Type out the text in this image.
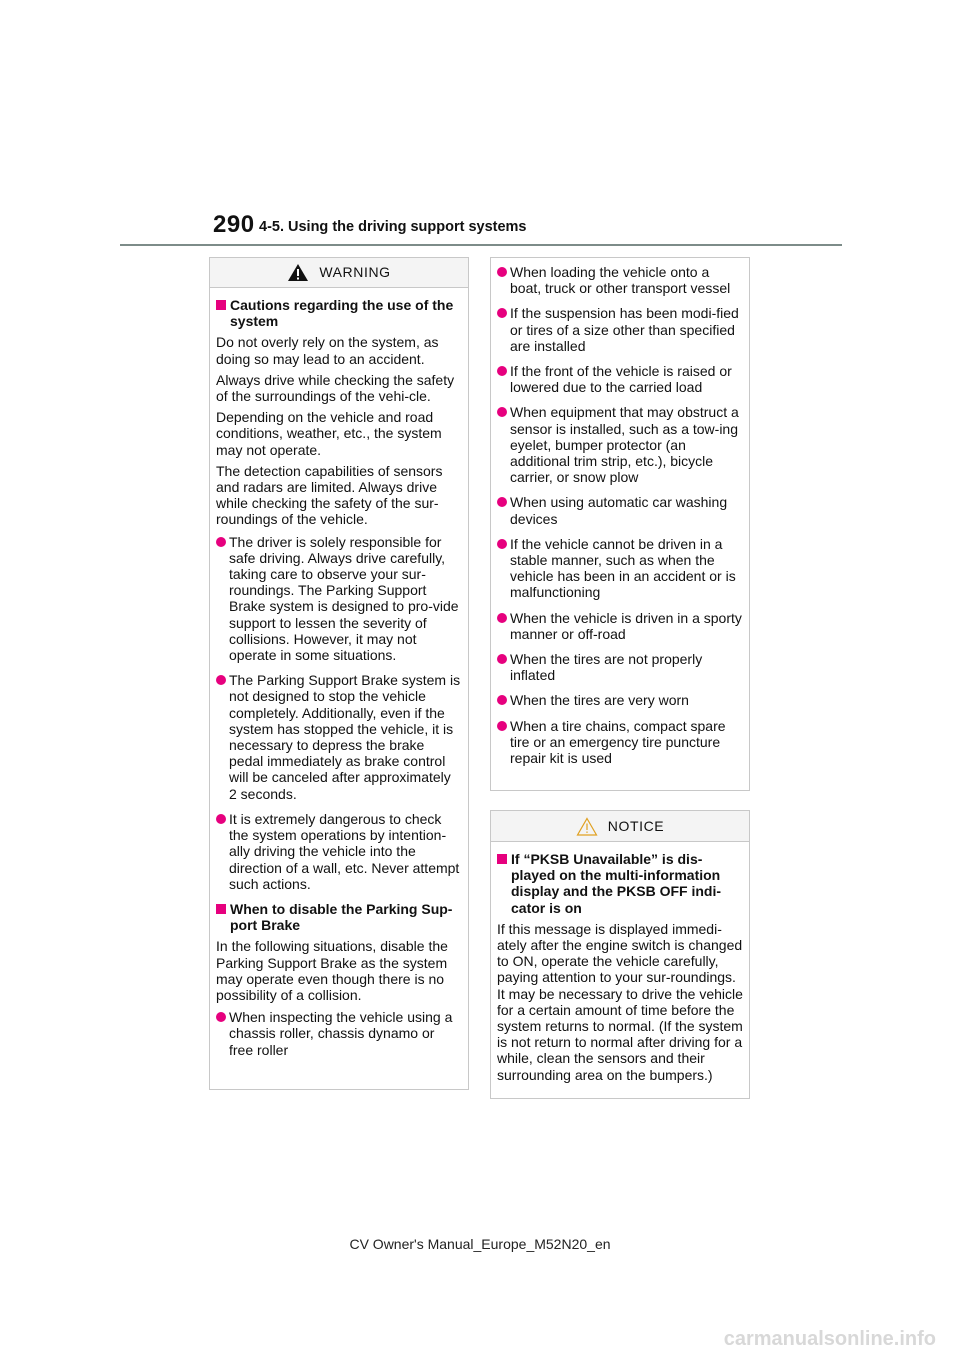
290 4-5. Using the driving support systems
WARNING
Cautions regarding the use of the system

Do not overly rely on the system, as doing so may lead to an accident.

Always drive while checking the safety of the surroundings of the vehi-cle.

Depending on the vehicle and road conditions, weather, etc., the system may not operate.

The detection capabilities of sensors and radars are limited. Always drive while checking the safety of the sur-roundings of the vehicle.

The driver is solely responsible for safe driving. Always drive carefully, taking care to observe your sur-roundings. The Parking Support Brake system is designed to pro-vide support to lessen the severity of collisions. However, it may not operate in some situations.
The Parking Support Brake system is not designed to stop the vehicle completely. Additionally, even if the system has stopped the vehicle, it is necessary to depress the brake pedal immediately as brake control will be canceled after approximately 2 seconds.
It is extremely dangerous to check the system operations by intention-ally driving the vehicle into the direction of a wall, etc. Never attempt such actions.
When to disable the Parking Sup-port Brake

In the following situations, disable the Parking Support Brake as the system may operate even though there is no possibility of a collision.

When inspecting the vehicle using a chassis roller, chassis dynamo or free roller
When loading the vehicle onto a boat, truck or other transport vessel
If the suspension has been modi-fied or tires of a size other than specified are installed
If the front of the vehicle is raised or lowered due to the carried load
When equipment that may obstruct a sensor is installed, such as a tow-ing eyelet, bumper protector (an additional trim strip, etc.), bicycle carrier, or snow plow
When using automatic car washing devices
If the vehicle cannot be driven in a stable manner, such as when the vehicle has been in an accident or is malfunctioning
When the vehicle is driven in a sporty manner or off-road
When the tires are not properly inflated
When the tires are very worn
When a tire chains, compact spare tire or an emergency tire puncture repair kit is used
NOTICE
If “PKSB Unavailable” is dis-played on the multi-information display and the PKSB OFF indi-cator is on

If this message is displayed immedi-ately after the engine switch is changed to ON, operate the vehicle carefully, paying attention to your sur-roundings. It may be necessary to drive the vehicle for a certain amount of time before the system returns to normal. (If the system is not return to normal after driving for a while, clean the sensors and their surrounding area on the bumpers.)

CV Owner's Manual_Europe_M52N20_en
carmanualsonline.info
